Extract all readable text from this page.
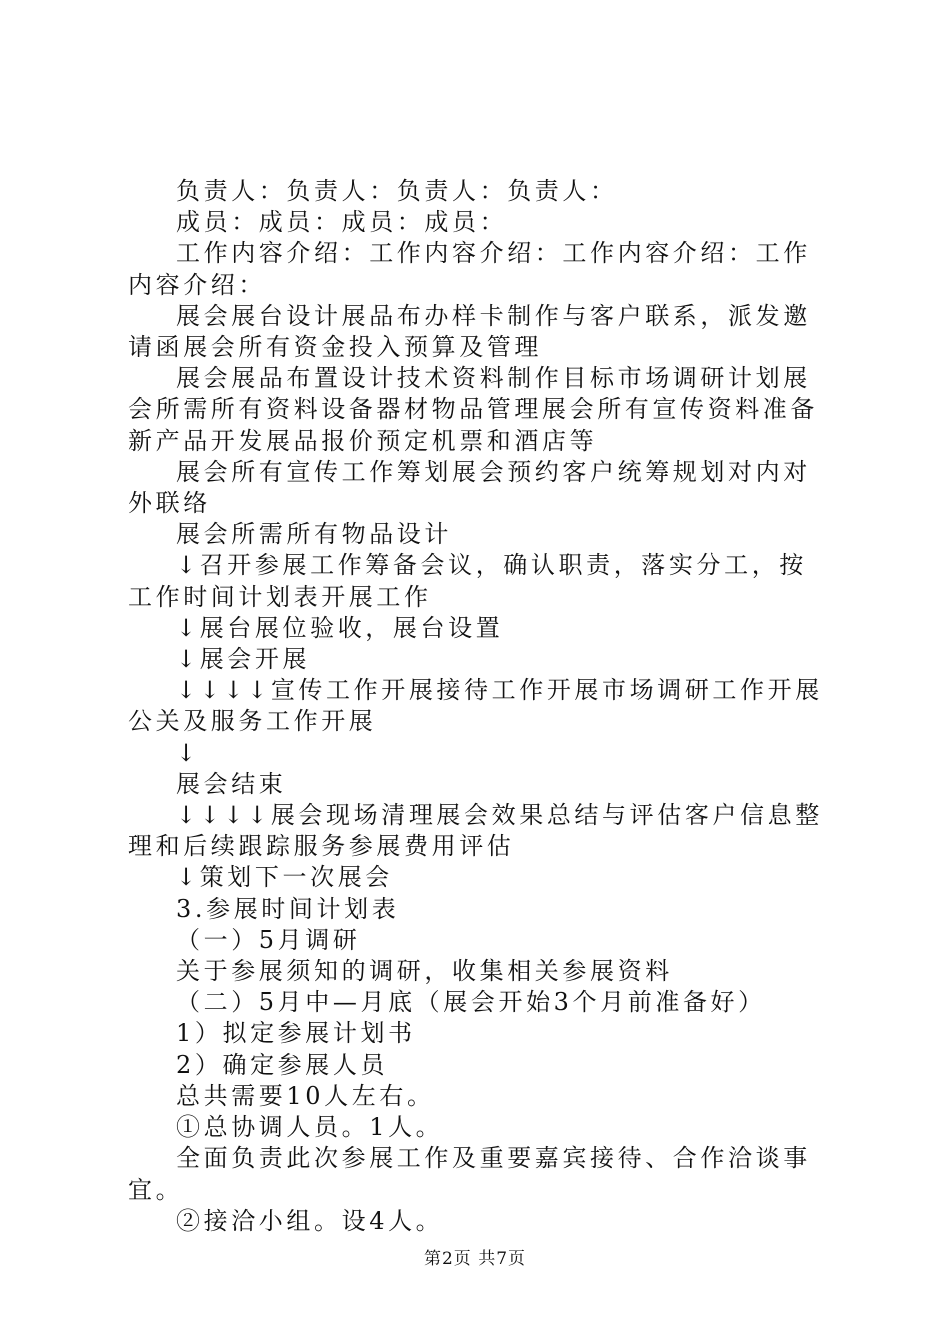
负责人：负责人：负责人：负责人：

成员：成员：成员：成员：

工作内容介绍：工作内容介绍：工作内容介绍：工作内容介绍：

展会展台设计展品布办样卡制作与客户联系，派发邀请函展会所有资金投入预算及管理

展会展品布置设计技术资料制作目标市场调研计划展会所需所有资料设备器材物品管理展会所有宣传资料准备新产品开发展品报价预定机票和酒店等

展会所有宣传工作筹划展会预约客户统筹规划对内对外联络

展会所需所有物品设计

↓召开参展工作筹备会议，确认职责，落实分工，按工作时间计划表开展工作

↓展台展位验收，展台设置

↓展会开展

↓↓↓↓宣传工作开展接待工作开展市场调研工作开展公关及服务工作开展

↓

展会结束

↓↓↓↓展会现场清理展会效果总结与评估客户信息整理和后续跟踪服务参展费用评估

↓策划下一次展会

3.参展时间计划表

（一）5月调研

关于参展须知的调研，收集相关参展资料

（二）5月中—月底（展会开始3个月前准备好）

1）拟定参展计划书

2）确定参展人员

总共需要10人左右。

①总协调人员。1人。

全面负责此次参展工作及重要嘉宾接待、合作洽谈事宜。

②接洽小组。设4人。

第2页 共7页
